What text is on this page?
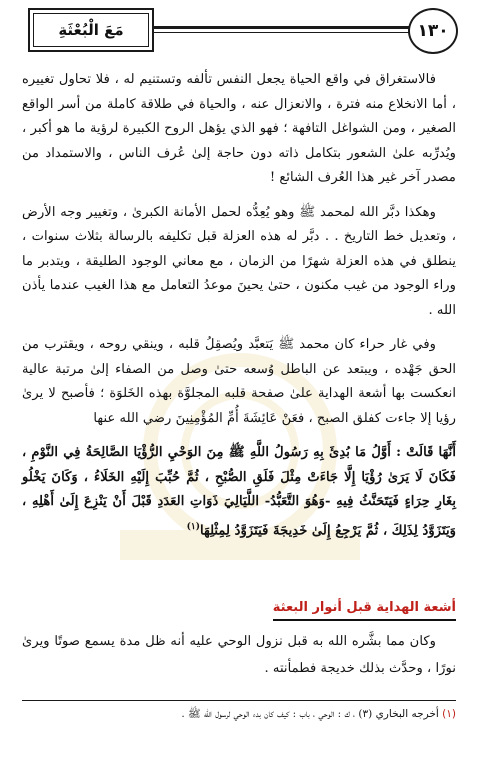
١٣٠
مَعَ الْبُعْثَةِ

فالاستغراق في واقع الحياة يجعل النفس تألفه وتستنيم له ، فلا تحاول تغييره ، أما الانخلاع منه فترة ، والانعزال عنه ، والحياة في طلاقة كاملة من أسر الواقع الصغير ، ومن الشواغل التافهة ؛ فهو الذي يؤهل الروح الكبيرة لرؤية ما هو أكبر ، ويُدرِّبه علىٰ الشعور بتكامل ذاته دون حاجة إلىٰ عُرف الناس ، والاستمداد من مصدر آخر غير هذا العُرف الشائع !

وهكذا دبَّر الله لمحمد ﷺ وهو يُعِدُّه لحمل الأمانة الكبرىٰ ، وتغيير وجه الأرض ، وتعديل خط التاريخ . . دبَّر له هذه العزلة قبل تكليفه بالرسالة بثلاث سنوات ، ينطلق في هذه العزلة شهرًا من الزمان ، مع معاني الوجود الطليقة ، ويتدبر ما وراء الوجود من غيب مكنون ، حتىٰ يحينَ موعدُ التعامل مع هذا الغيب عندما يأذن الله .

وفي غار حراء كان محمد ﷺ يَتعبَّد ويُصقِلُ قلبه ، وينقي روحه ، ويقترب من الحق جَهْده ، ويبتعد عن الباطل وُسعه حتىٰ وصل من الصفاء إلىٰ مرتبة عالية انعكست بها أشعة الهداية علىٰ صفحة قلبه المجلوَّة بهذه الخَلوَة ؛ فأصبح لا يرىٰ رؤيا إلا جاءت كفلق الصبح ، فعَنْ عَائِشَةَ أُمِّ المُؤْمِنِينَ رضي الله عنها

أَنَّهَا قَالَتْ : أَوَّلُ مَا بُدِئَ بِهِ رَسُولُ اللَّهِ ﷺ مِنَ الوَحْيِ الرُّؤْيَا الصَّالِحَةُ فِي النَّوْمِ ، فَكَانَ لَا يَرَىٰ رُؤْيَا إِلَّا جَاءَتْ مِثْلَ فَلَقِ الصُّبْحِ ، ثُمَّ حُبِّبَ إِلَيْهِ الخَلَاءُ ، وَكَانَ يَخْلُو بِغَارِ حِرَاءٍ فَيَتَحَنَّثُ فِيهِ -وَهُوَ التَّعَبُّدُ- اللَّيَالِيَ ذَوَاتِ العَدَدِ قَبْلَ أَنْ يَنْزِعَ إِلَىٰ أَهْلِهِ ، وَيَتَزَوَّدُ لِذَلِكَ ، ثُمَّ يَرْجِعُ إِلَىٰ خَدِيجَةَ فَيَتَزَوَّدُ لِمِثْلِهَا$^{(١)}$

أشعة الهداية قبل أنوار البعثة
وكان مما بشَّره الله به قبل نزول الوحي عليه أنه ظل مدة يسمع صوتًا ويرىٰ نورًا ، وحدَّث بذلك خديجة فطمأنته .
(١) أخرجه البخاري (٣) ، ك : الوحي ، باب : كيف كان بدء الوحي لرسول الله ﷺ .
